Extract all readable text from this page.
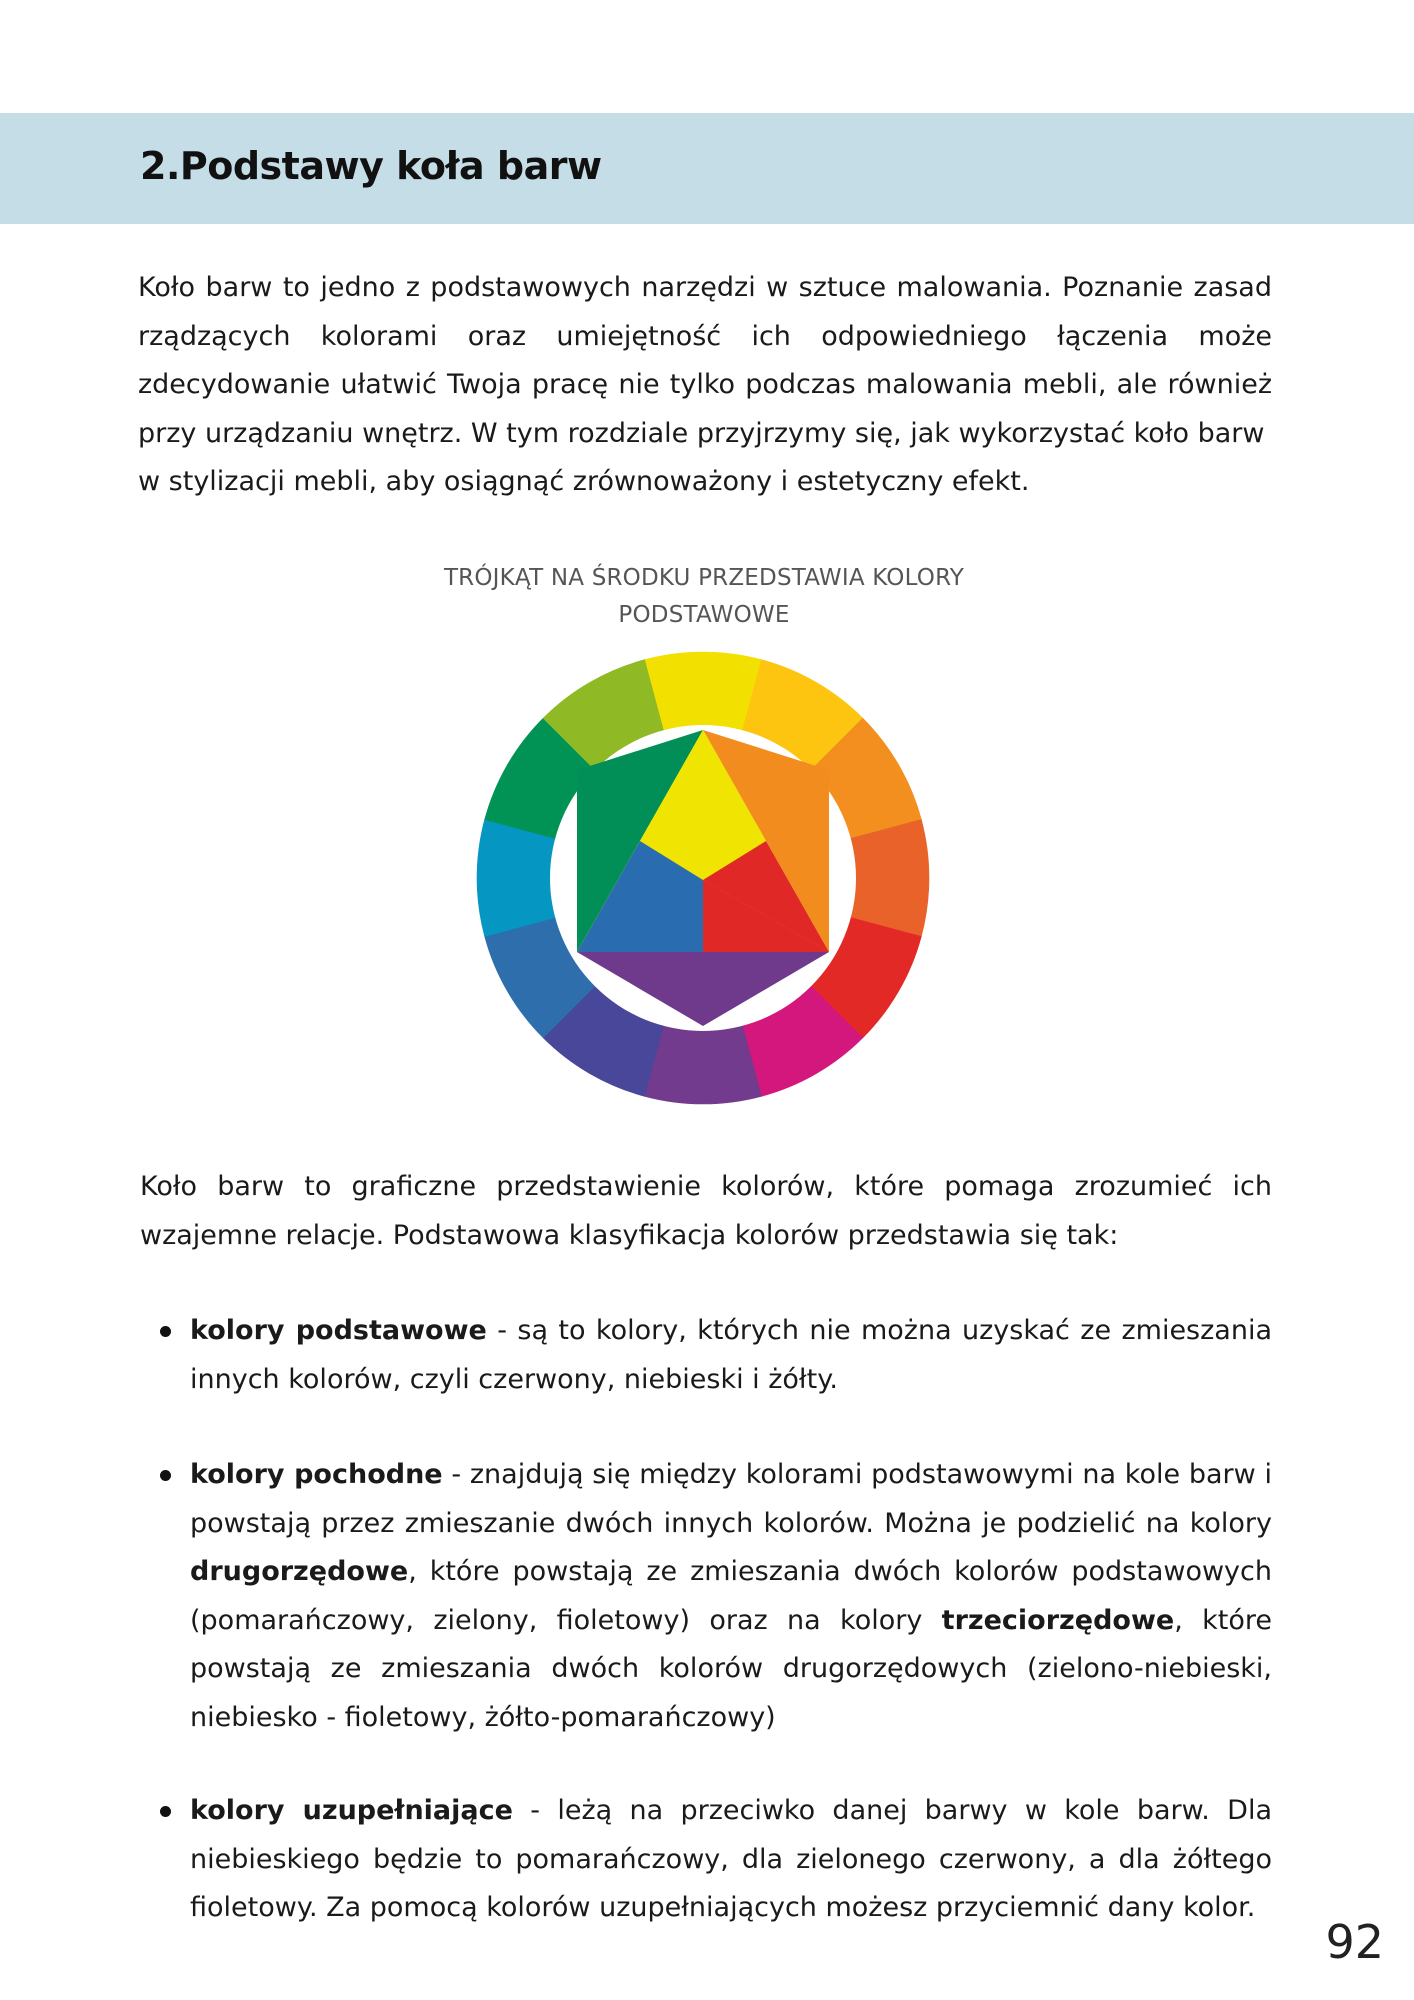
2.Podstawy koła barw

Koło barw to jedno z podstawowych narzędzi w sztuce malowania. Poznanie zasad
rządzących kolorami oraz umiejętność ich odpowiedniego łączenia może
zdecydowanie ułatwić Twoja pracę nie tylko podczas malowania mebli, ale również
przy urządzaniu wnętrz. W tym rozdziale przyjrzymy się, jak wykorzystać koło barw
w stylizacji mebli, aby osiągnąć zrównoważony i estetyczny efekt.

TRÓJKĄT NA ŚRODKU PRZEDSTAWIA KOLORY
PODSTAWOWE

Koło barw to graficzne przedstawienie kolorów, które pomaga zrozumieć ich
wzajemne relacje. Podstawowa klasyfikacja kolorów przedstawia się tak:

kolory podstawowe - są to kolory, których nie można uzyskać ze zmieszania
innych kolorów, czyli czerwony, niebieski i żółty.
kolory pochodne - znajdują się między kolorami podstawowymi na kole barw i
powstają przez zmieszanie dwóch innych kolorów. Można je podzielić na kolory
drugorzędowe, które powstają ze zmieszania dwóch kolorów podstawowych
(pomarańczowy, zielony, fioletowy) oraz na kolory trzeciorzędowe, które
powstają ze zmieszania dwóch kolorów drugorzędowych (zielono-niebieski,
niebiesko - fioletowy, żółto-pomarańczowy)
kolory uzupełniające - leżą na przeciwko danej barwy w kole barw. Dla
niebieskiego będzie to pomarańczowy, dla zielonego czerwony, a dla żółtego
fioletowy. Za pomocą kolorów uzupełniających możesz przyciemnić dany kolor.

92
